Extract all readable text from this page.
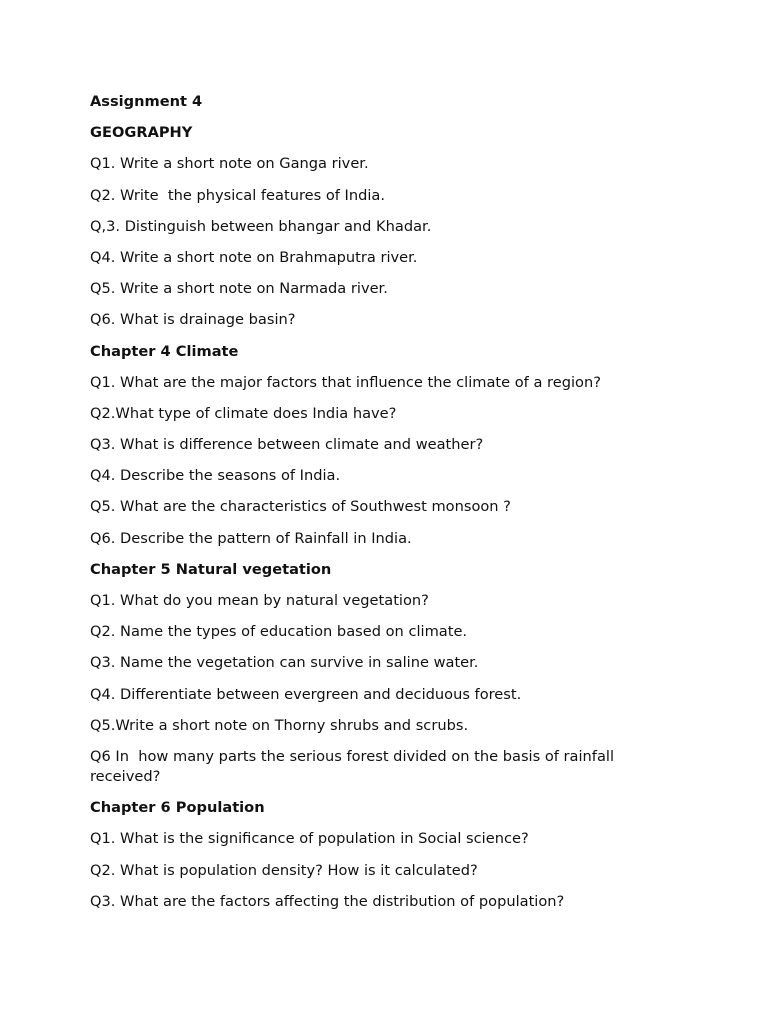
Assignment 4
GEOGRAPHY
Q1. Write a short note on Ganga river.
Q2. Write  the physical features of India.
Q,3. Distinguish between bhangar and Khadar.
Q4. Write a short note on Brahmaputra river.
Q5. Write a short note on Narmada river.
Q6. What is drainage basin?
Chapter 4 Climate
Q1. What are the major factors that influence the climate of a region?
Q2.What type of climate does India have?
Q3. What is difference between climate and weather?
Q4. Describe the seasons of India.
Q5. What are the characteristics of Southwest monsoon ?
Q6. Describe the pattern of Rainfall in India.
Chapter 5 Natural vegetation
Q1. What do you mean by natural vegetation?
Q2. Name the types of education based on climate.
Q3. Name the vegetation can survive in saline water.
Q4. Differentiate between evergreen and deciduous forest.
Q5.Write a short note on Thorny shrubs and scrubs.
Q6 In  how many parts the serious forest divided on the basis of rainfall received?
Chapter 6 Population
Q1. What is the significance of population in Social science?
Q2. What is population density? How is it calculated?
Q3. What are the factors affecting the distribution of population?
